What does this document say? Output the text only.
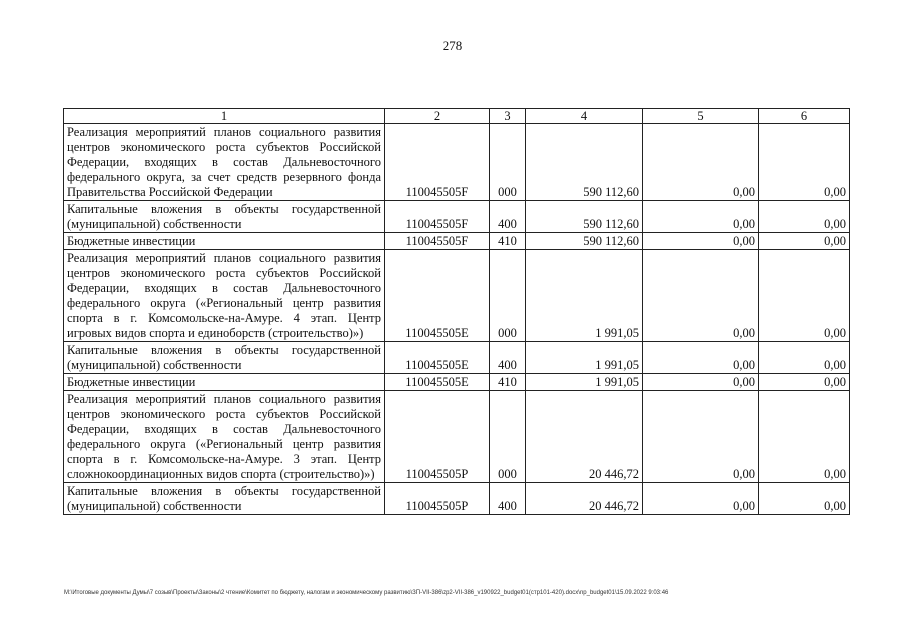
278
1	2	3	4	5	6
Реализация мероприятий планов социального развития центров экономического роста субъектов Российской Федерации, входящих в состав Дальневосточного федерального округа, за счет средств резервного фонда Правительства Российской Федерации	110045505F	000	590 112,60	0,00	0,00
Капитальные вложения в объекты государственной (муниципальной) собственности	110045505F	400	590 112,60	0,00	0,00
Бюджетные инвестиции	110045505F	410	590 112,60	0,00	0,00
Реализация мероприятий планов социального развития центров экономического роста субъектов Российской Федерации, входящих в состав Дальневосточного федерального округа («Региональный центр развития спорта в г. Комсомольске-на-Амуре. 4 этап. Центр игровых видов спорта и единоборств (строительство)»)	110045505E	000	1 991,05	0,00	0,00
Капитальные вложения в объекты государственной (муниципальной) собственности	110045505E	400	1 991,05	0,00	0,00
Бюджетные инвестиции	110045505E	410	1 991,05	0,00	0,00
Реализация мероприятий планов социального развития центров экономического роста субъектов Российской Федерации, входящих в состав Дальневосточного федерального округа («Региональный центр развития спорта в г. Комсомольске-на-Амуре. 3 этап. Центр сложнокоординационных видов спорта (строительство)»)	110045505P	000	20 446,72	0,00	0,00
Капитальные вложения в объекты государственной (муниципальной) собственности	110045505P	400	20 446,72	0,00	0,00
M:\Итоговые документы Думы\7 созыв\Проекты\Законы\2 чтение\Комитет по бюджету, налогам и экономическому развитию\ЗП-VII-386\zp2-VII-386_v190922_budget01(стр101-420).docx\np_budget01\15.09.2022 9:03:46
